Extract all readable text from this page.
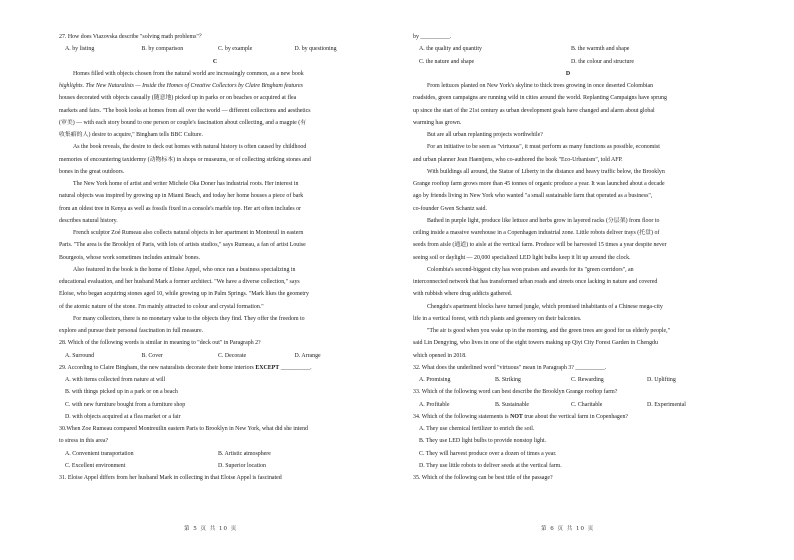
27. How does Viazovska describe "solving math problems"？
A. by listing	B. by comparison	C. by example	D. by questioning
C
Homes filled with objects chosen from the natural world are increasingly common, as a new book
highlights. The New Naturalists — Inside the Homes of Creative Collectors by Claire Bingham features
houses decorated with objects casually (随意地) picked up in parks or on beaches or acquired at flea
markets and fairs. "The book looks at homes from all over the world — different collections and aesthetics
(审美) — with each story bound to one person or couple's fascination about collecting, and a magpie (有
收集癖的人) desire to acquire," Bingham tells BBC Culture.
As the book reveals, the desire to deck out homes with natural history is often caused by childhood
memories of encountering taxidermy (动物标本) in shops or museums, or of collecting striking stones and
bones in the great outdoors.
The New York home of artist and writer Michele Oka Doner has industrial roots. Her interest in
natural objects was inspired by growing up in Miami Beach, and today her home houses a piece of bark
from an oldest tree in Kenya as well as fossils fixed in a console's marble top. Her art often includes or
describes natural history.
French sculptor Zoé Rumeau also collects natural objects in her apartment in Montreuil in eastern
Paris. "The area is the Brooklyn of Paris, with lots of artists studios," says Rumeau, a fan of artist Louise
Bourgeois, whose work sometimes includes animals' bones.
Also featured in the book is the home of Eloise Appel, who once ran a business specializing in
educational evaluation, and her husband Mark a former architect. "We have a diverse collection," says
Eloise, who began acquiring stones aged 10, while growing up in Palm Springs. "Mark likes the geometry
of the atomic nature of the stone. I'm mainly attracted to colour and crystal formation."
For many collectors, there is no monetary value to the objects they find. They offer the freedom to
explore and pursue their personal fascination in full measure.
28. Which of the following words is similar in meaning to "deck out" in Paragraph 2?
A. Surround	B. Cover	C. Decorate	D. Arrange
29. According to Claire Bingham, the new naturalists decorate their home interiors EXCEPT __________.
A. with items collected from nature at will
B. with things picked up in a park or on a beach
C. with new furniture bought from a furniture shop
D. with objects acquired at a flea market or a fair
30.When Zoe Rumeau compared Montreuilin eastern Paris to Brooklyn in New York, what did she intend
to stress in this area?
A. Convenient transportation	B. Artistic atmosphere
C. Excellent environment	D. Superior location
31. Eloise Appel differs from her husband Mark in collecting in that Eloise Appel is fascinated
第 5 页 共 10 页
by __________.
A. the quality and quantity	B. the warmth and shape
C. the nature and shape	D. the colour and structure
D
From lettuces planted on New York's skyline to thick trees growing in once deserted Colombian
roadsides, green campaigns are running wild in cities around the world. Replanting Campaigns have sprung
up since the start of the 21st century as urban development goals have changed and alarm about global
warming has grown.
But are all urban replanting projects worthwhile?
For an initiative to be seen as "virtuous", it must perform as many functions as possible, economist
and urban planner Jean Haentjens, who co-authored the book "Eco-Urbanism", told AFP.
With buildings all around, the Statue of Liberty in the distance and heavy traffic below, the Brooklyn
Grange rooftop farm grows more than 45 tonnes of organic produce a year. It was launched about a decade
ago by friends living in New York who wanted "a small sustainable farm that operated as a business",
co-founder Gwen Schantz said.
Bathed in purple light, produce like lettuce and herbs grow in layered racks (分层架) from floor to
ceiling inside a massive warehouse in a Copenhagen industrial zone. Little robots deliver trays (托盘) of
seeds from aisle (通道) to aisle at the vertical farm. Produce will be harvested 15 times a year despite never
seeing soil or daylight — 20,000 specialized LED light bulbs keep it lit up around the clock.
Colombia's second-biggest city has won praises and awards for its "green corridors", an
interconnected network that has transformed urban roads and streets once lacking in nature and covered
with rubbish where drug addicts gathered.
Chengdu's apartment blocks have turned jungle, which promised inhabitants of a Chinese mega-city
life in a vertical forest, with rich plants and greenery on their balconies.
"The air is good when you wake up in the morning, and the green trees are good for us elderly people,"
said Lin Dengying, who lives in one of the eight towers making up Qiyi City Forest Garden in Chengdu
which opened in 2018.
32. What does the underlined word "virtuous" mean in Paragraph 3? __________.
A. Promising	B. Striking	C. Rewarding	D. Uplifting
33. Which of the following word can best describe the Brooklyn Grange rooftop farm?
A. Profitable	B. Sustainable	C. Charitable	D. Experimental
34. Which of the following statements is NOT true about the vertical farm in Copenhagen?
A. They use chemical fertilizer to enrich the soil.
B. They use LED light bulbs to provide nonstop light.
C. They will harvest produce over a dozen of times a year.
D. They use little robots to deliver seeds at the vertical farm.
35. Which of the following can be best title of the passage?
第 6 页 共 10 页
